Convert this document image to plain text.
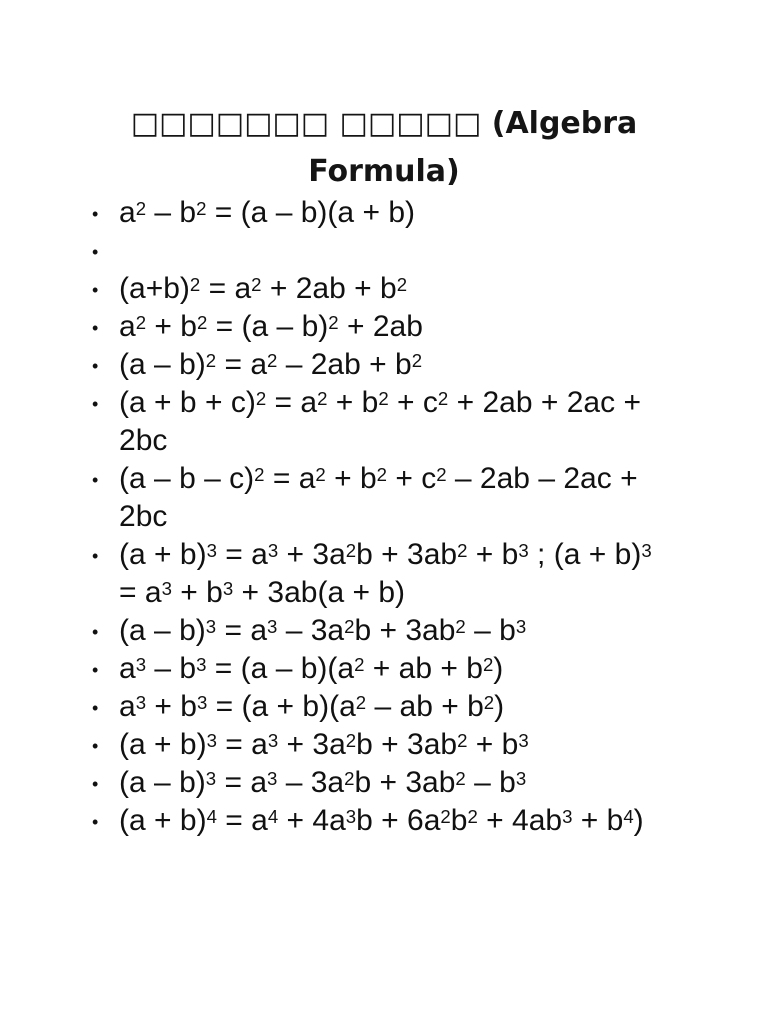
□□□□□□□ □□□□□ (Algebra Formula)
• $a^2 - b^2 = (a - b)(a + b)$
•
• $(a+b)^2 = a^2 + 2ab + b^2$
• $a^2 + b^2 = (a - b)^2 + 2ab$
• $(a - b)^2 = a^2 - 2ab + b^2$
• $(a + b + c)^2 = a^2 + b^2 + c^2 + 2ab + 2ac + 2bc$
• $(a - b - c)^2 = a^2 + b^2 + c^2 - 2ab - 2ac + 2bc$
• $(a + b)^3 = a^3 + 3a^2b + 3ab^2 + b^3$ ; $(a + b)^3 = a^3 + b^3 + 3ab(a + b)$
• $(a - b)^3 = a^3 - 3a^2b + 3ab^2 - b^3$
• $a^3 - b^3 = (a - b)(a^2$ + ab + $b^2$)
• $a^3 + b^3 = (a + b)(a^2$ – ab + $b^2$)
• $(a + b)^3 = a^3 + 3a^2b + 3ab^2 + b^3$
• $(a - b)^3 = a^3 - 3a^2b + 3ab^2 - b^3$
• $(a + b)^4 = a^4 + 4a^3b + 6a^2b^2 + 4ab^3 + b^4$)
